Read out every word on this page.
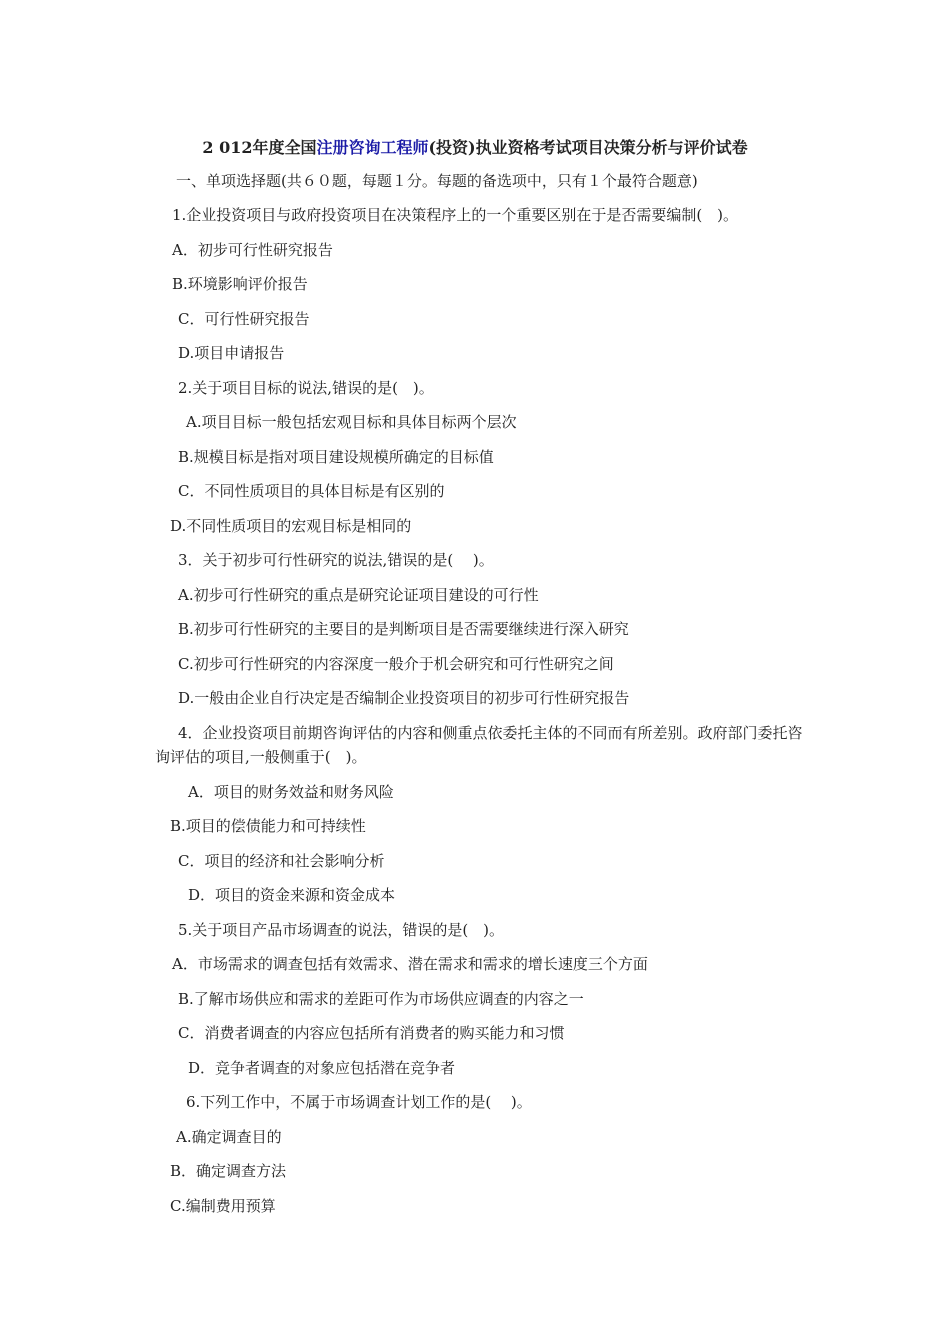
2 012年度全国注册咨询工程师(投资)执业资格考试项目决策分析与评价试卷
一、单项选择题(共６０题，每题１分。每题的备选项中，只有１个最符合题意)
1.企业投资项目与政府投资项目在决策程序上的一个重要区别在于是否需要编制(　)。
A．初步可行性研究报告
B.环境影响评价报告
C．可行性研究报告
D.项目申请报告
2.关于项目目标的说法,错误的是(　)。
A.项目目标一般包括宏观目标和具体目标两个层次
B.规模目标是指对项目建设规模所确定的目标值
C．不同性质项目的具体目标是有区别的
D.不同性质项目的宏观目标是相同的
3．关于初步可行性研究的说法,错误的是(　 )。
A.初步可行性研究的重点是研究论证项目建设的可行性
B.初步可行性研究的主要目的是判断项目是否需要继续进行深入研究
C.初步可行性研究的内容深度一般介于机会研究和可行性研究之间
D.一般由企业自行决定是否编制企业投资项目的初步可行性研究报告
4．企业投资项目前期咨询评估的内容和侧重点依委托主体的不同而有所差别。政府部门委托咨询评估的项目,一般侧重于(　)。
A．项目的财务效益和财务风险
B.项目的偿债能力和可持续性
C．项目的经济和社会影响分析
D．项目的资金来源和资金成本
5.关于项目产品市场调查的说法，错误的是(　)。
A．市场需求的调查包括有效需求、潜在需求和需求的增长速度三个方面
B.了解市场供应和需求的差距可作为市场供应调查的内容之一
C．消费者调查的内容应包括所有消费者的购买能力和习惯
D．竞争者调查的对象应包括潜在竞争者
6.下列工作中，不属于市场调查计划工作的是(　 )。
A.确定调查目的
B．确定调查方法
C.编制费用预算
